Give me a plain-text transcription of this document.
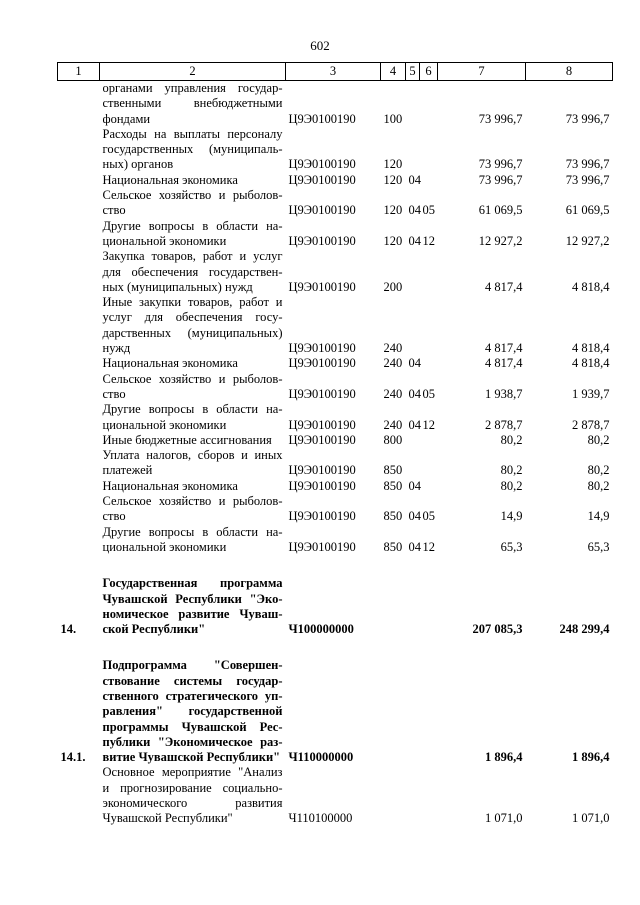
602
1	2	3	4	5	6	7	8
	органами управления государственными внебюджетными фондами	Ц9Э0100190	100			73 996,7	73 996,7
	Расходы на выплаты персоналу государственных (муниципальных) органов	Ц9Э0100190	120			73 996,7	73 996,7
	Национальная экономика	Ц9Э0100190	120	04		73 996,7	73 996,7
	Сельское хозяйство и рыболовство	Ц9Э0100190	120	04	05	61 069,5	61 069,5
	Другие вопросы в области национальной экономики	Ц9Э0100190	120	04	12	12 927,2	12 927,2
	Закупка товаров, работ и услуг для обеспечения государственных (муниципальных) нужд	Ц9Э0100190	200			4 817,4	4 818,4
	Иные закупки товаров, работ и услуг для обеспечения государственных (муниципальных) нужд	Ц9Э0100190	240			4 817,4	4 818,4
	Национальная экономика	Ц9Э0100190	240	04		4 817,4	4 818,4
	Сельское хозяйство и рыболовство	Ц9Э0100190	240	04	05	1 938,7	1 939,7
	Другие вопросы в области национальной экономики	Ц9Э0100190	240	04	12	2 878,7	2 878,7
	Иные бюджетные ассигнования	Ц9Э0100190	800			80,2	80,2
	Уплата налогов, сборов и иных платежей	Ц9Э0100190	850			80,2	80,2
	Национальная экономика	Ц9Э0100190	850	04		80,2	80,2
	Сельское хозяйство и рыболовство	Ц9Э0100190	850	04	05	14,9	14,9
	Другие вопросы в области национальной экономики	Ц9Э0100190	850	04	12	65,3	65,3

14.	Государственная программа Чувашской Республики "Экономическое развитие Чувашской Республики"	Ч100000000				207 085,3	248 299,4

14.1.	Подпрограмма "Совершенствование системы государственного стратегического управления" государственной программы Чувашской Республики "Экономическое развитие Чувашской Республики"	Ч110000000				1 896,4	1 896,4
	Основное мероприятие "Анализ и прогнозирование социально-экономического развития Чувашской Республики"	Ч110100000				1 071,0	1 071,0
